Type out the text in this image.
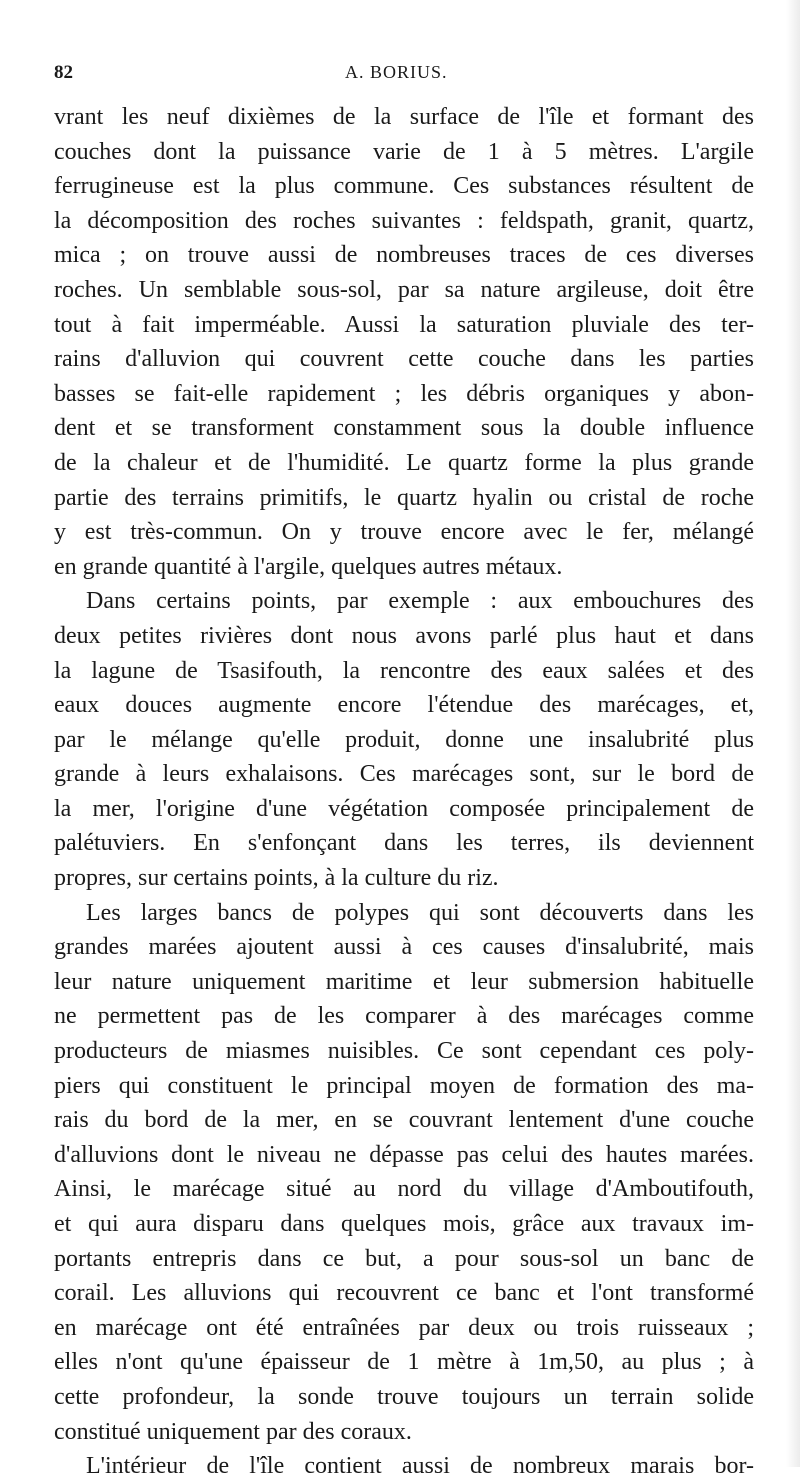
82	A. BORIUS.
vrant les neuf dixièmes de la surface de l'île et formant des
couches dont la puissance varie de 1 à 5 mètres. L'argile
ferrugineuse est la plus commune. Ces substances résultent de
la décomposition des roches suivantes : feldspath, granit, quartz,
mica ; on trouve aussi de nombreuses traces de ces diverses
roches. Un semblable sous-sol, par sa nature argileuse, doit être
tout à fait imperméable. Aussi la saturation pluviale des ter-
rains d'alluvion qui couvrent cette couche dans les parties
basses se fait-elle rapidement ; les débris organiques y abon-
dent et se transforment constamment sous la double influence
de la chaleur et de l'humidité. Le quartz forme la plus grande
partie des terrains primitifs, le quartz hyalin ou cristal de roche
y est très-commun. On y trouve encore avec le fer, mélangé
en grande quantité à l'argile, quelques autres métaux.
Dans certains points, par exemple : aux embouchures des
deux petites rivières dont nous avons parlé plus haut et dans
la lagune de Tsasifouth, la rencontre des eaux salées et des
eaux douces augmente encore l'étendue des marécages, et,
par le mélange qu'elle produit, donne une insalubrité plus
grande à leurs exhalaisons. Ces marécages sont, sur le bord de
la mer, l'origine d'une végétation composée principalement de
palétuviers. En s'enfonçant dans les terres, ils deviennent
propres, sur certains points, à la culture du riz.
Les larges bancs de polypes qui sont découverts dans les
grandes marées ajoutent aussi à ces causes d'insalubrité, mais
leur nature uniquement maritime et leur submersion habituelle
ne permettent pas de les comparer à des marécages comme
producteurs de miasmes nuisibles. Ce sont cependant ces poly-
piers qui constituent le principal moyen de formation des ma-
rais du bord de la mer, en se couvrant lentement d'une couche
d'alluvions dont le niveau ne dépasse pas celui des hautes marées.
Ainsi, le marécage situé au nord du village d'Amboutifouth,
et qui aura disparu dans quelques mois, grâce aux travaux im-
portants entrepris dans ce but, a pour sous-sol un banc de
corail. Les alluvions qui recouvrent ce banc et l'ont transformé
en marécage ont été entraînées par deux ou trois ruisseaux ;
elles n'ont qu'une épaisseur de 1 mètre à 1m,50, au plus ; à
cette profondeur, la sonde trouve toujours un terrain solide
constitué uniquement par des coraux.
L'intérieur de l'île contient aussi de nombreux marais bor-
